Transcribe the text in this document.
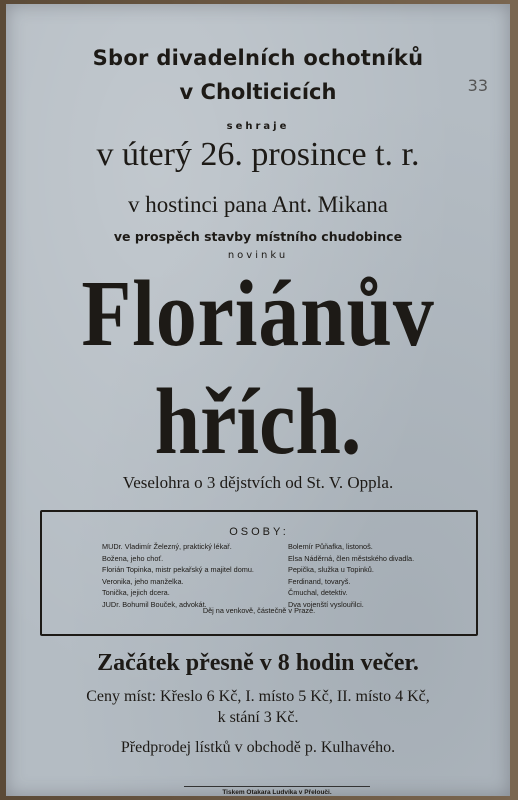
Sbor divadelních ochotníků
v Cholticicích	33
sehraje
v úterý 26. prosince t. r.
v hostinci pana Ant. Mikana
ve prospěch stavby místního chudobince
novinku
Floriánův
hřích.
Veselohra o 3 dějstvích od St. V. Oppla.
OSOBY:
MUDr. Vladimír Železný, praktický lékař.
Božena, jeho choť.
Florián Topinka, mistr pekařský a majitel domu.
Veronika, jeho manželka.
Tonička, jejich dcera.
JUDr. Bohumil Bouček, advokát.
Bolemír Půňafka, listonoš.
Elsa Náděrná, člen městského divadla.
Pepička, služka u Topinků.
Ferdinand, tovaryš.
Čmuchal, detektiv.
Dva vojenští vyslouřilci.
Děj na venkově, částečně v Praze.
Začátek přesně v 8 hodin večer.
Ceny míst: Křeslo 6 Kč, I. místo 5 Kč, II. místo 4 Kč,
k stání 3 Kč.
Předprodej lístků v obchodě p. Kulhavého.
Tiskem Otakara Ludvíka v Přelouči.
